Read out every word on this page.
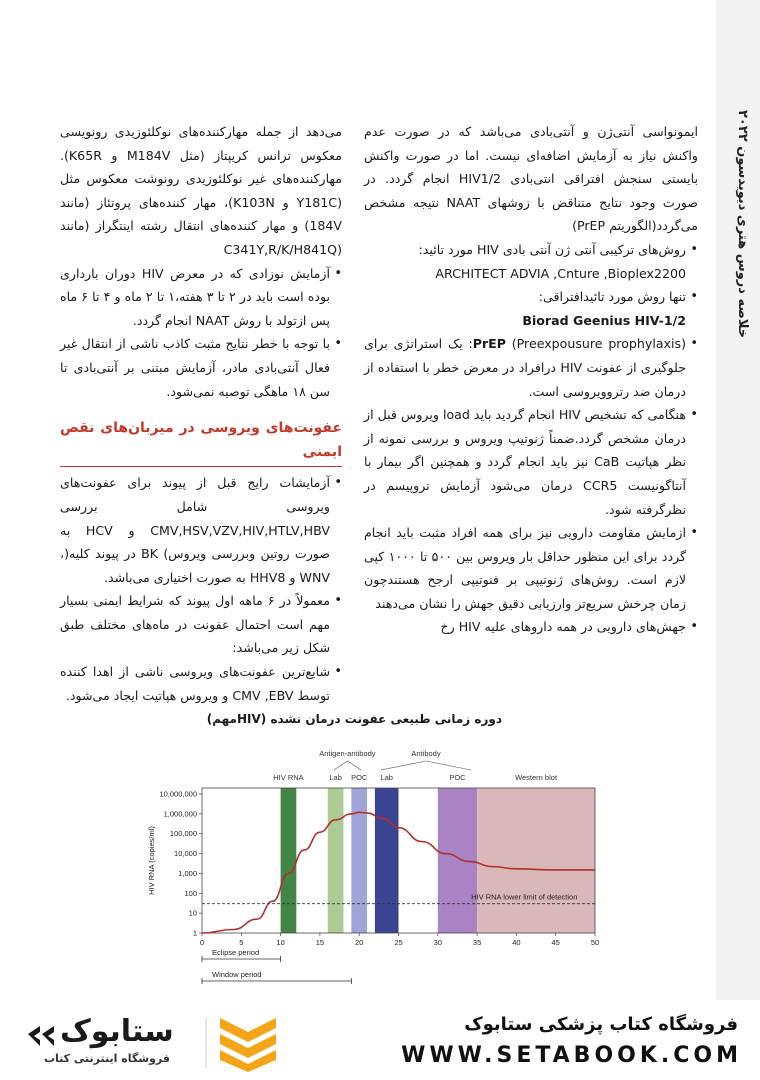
خلاصه دروس هتری دیویدسون ۲۰۲۲

ایمونواسی آنتی‌ژن و آنتی‌بادی می‌باشد که در صورت عدم واکنش نیاز به آزمایش اضافه‌ای نیست. اما در صورت واکنش بایستی سنجش افتراقی انتی‌بادی HIV1/2 انجام گردد. در صورت وجود نتایج متناقض با زوشهای NAAT نتیجه مشخص می‌گردد(الگوریتم PrEP)

• روش‌های ترکیبی آنتی ژن آنتی بادی HIV مورد تائید:
ARCHITECT ADVIA ,Cnture ,Bioplex2200
• تنها روش مورد تائیدافتراقی:
Biorad Geenius HIV-1/2
• PrEP (Preexpousure prophylaxis): یک استراتژی برای جلوگیری از عفونت HIV درافراد در معرض خطر با استفاده از درمان ضد رتروویروسی است.
• هنگامی که تشخیص HIV انجام گردید باید load ویروس قبل از درمان مشخص گردد.ضمناً ژنوتیپ ویروس و بررسی نمونه از نظر هپاتیت CaB نیز باید انجام گردد و همچنین اگر بیمار با آنتاگونیست CCR5 درمان می‌شود آزمایش تروپیسم در نظرگرفته شود.
• ازمایش مقاومت دارویی نیز برای همه افراد مثبت باید انجام گردد برای این منظور حداقل بار ویروس بین ۵۰۰ تا ۱۰۰۰ کپی لازم است. روش‌های ژنوتیپی بر فنوتیپی ارجح هستندچون زمان چرخش سریع‌تر وارزیابی دقیق جهش را نشان می‌دهند
• جهش‌های دارویی در همه داروهای علیه HIV رخ

می‌دهد از جمله مهارکننده‌های نوکلئوزیدی رونویسی معکوس ترانس کریپتاز (مثل M184V و K65R). مهارکننده‌های غیر نوکلئوزیدی رونوشت معکوس مثل (Y181C و K103N)، مهار کننده‌های پروتئاز (مانند 184V) و مهار کننده‌های انتقال رشته اینتگراز (مانند (C341Y,R/K/H841Q

• آزمایش نوزادی که در معرض HIV دوران بارداری بوده است باید در ۲ تا ۳ هفته،۱ تا ۲ ماه و ۴ تا ۶ ماه پس ازتولد با روش NAAT انجام گردد.
• با توجه با خطر نتایج مثبت کاذب ناشی از انتقال غیر فعال آنتی‌بادی مادر، آزمایش مبتنی بر آنتی‌بادی تا سن ۱۸ ماهگی توصیه نمی‌شود.
عفونت‌های ویروسی در میزبان‌های نقص ایمنی
• آزمایشات رایج قبل از پیوند برای عفونت‌های ویروسی شامل بررسی CMV,HSV,VZV,HIV,HTLV,HBV و HCV به صورت روتین وبررسی ویروس) BK در پیوند کلیه(، WNV و HHV8 به صورت اختیاری می‌باشد.
• معمولاً در ۶ ماهه اول پیوند که شرایط ایمنی بسیار مهم است احتمال عفونت در ماه‌های مختلف طبق شکل زیر می‌باشد:
• شایع‌ترین عفونت‌های ویروسی ناشی از اهدا کننده توسط CMV ,EBV و ویروس هپاتیت ایجاد می‌شود.
دوره زمانی طبیعی عفونت درمان نشده (HIVمهم)
HIV RNA	Lab POC Lab	POC	Western blot
Antigen-antibody	Antibody
HIV RNA lower limit of detection
1
10
100
1,000
10,000
100,000
1,000,000
10,000,000
0	5	10	15	20	25	30	35	40	45	50
HIV RNA (copies/ml)
Eclipse period
Window period
فروشگاه کتاب پزشکی ستابوک
WWW.SETABOOK.COM
ستابوک
فروشگاه اینترنتی کتاب
